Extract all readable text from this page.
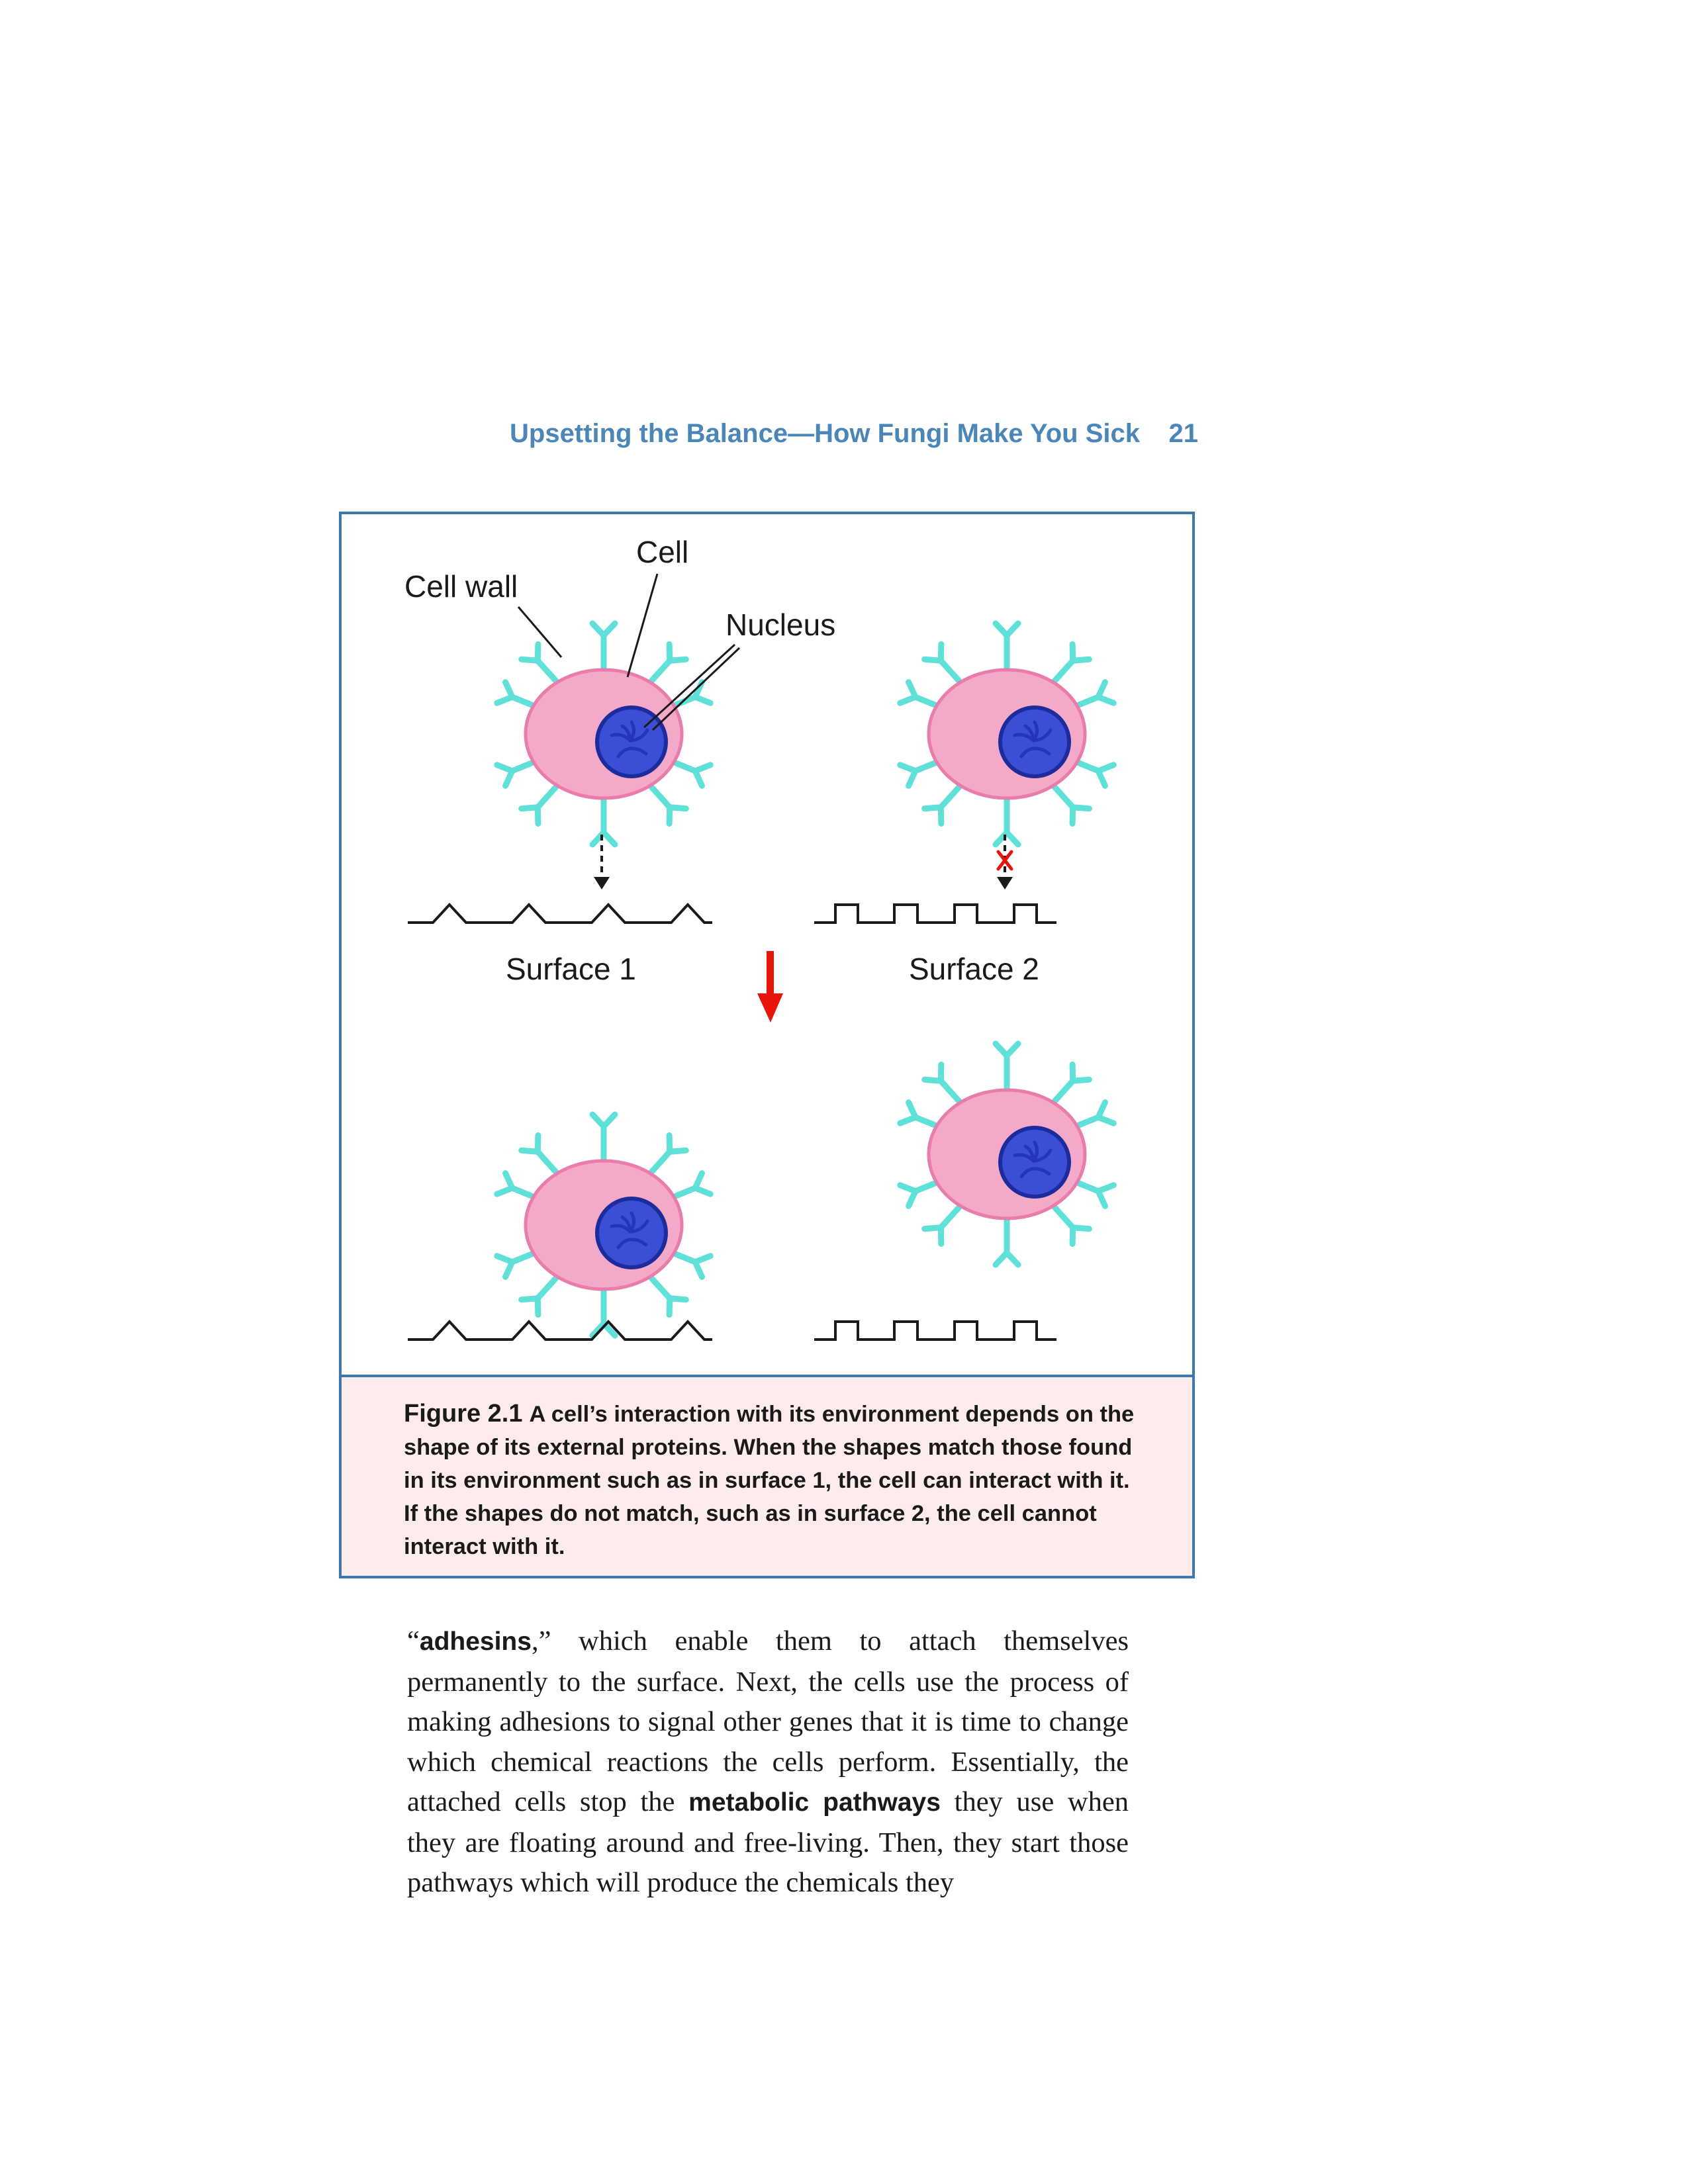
Upsetting the Balance—How Fungi Make You Sick 21
Cell wall
Cell
Nucleus
Surface 1	Surface 2
Figure 2.1 A cell’s interaction with its environment depends on the shape of its external proteins. When the shapes match those found in its environment such as in surface 1, the cell can interact with it. If the shapes do not match, such as in surface 2, the cell cannot interact with it.
“adhesins,” which enable them to attach themselves permanently to the surface. Next, the cells use the process of making adhesions to signal other genes that it is time to change which chemical reactions the cells perform. Essentially, the attached cells stop the metabolic pathways they use when they are floating around and free-living. Then, they start those pathways which will produce the chemicals they
